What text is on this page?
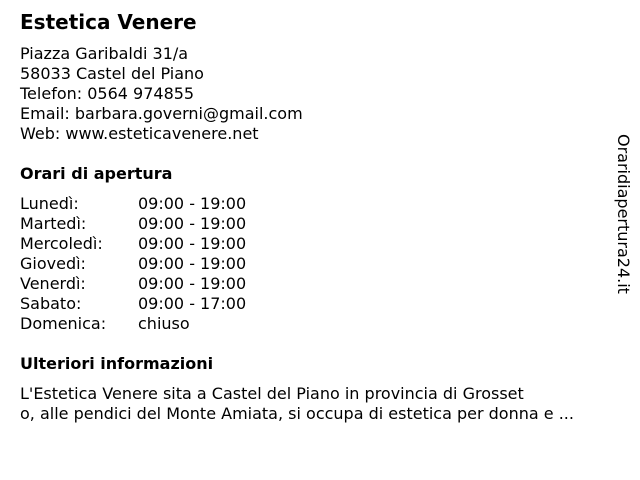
Estetica Venere
Piazza Garibaldi 31/a
58033 Castel del Piano
Telefon: 0564 974855
Email: barbara.governi@gmail.com
Web: www.esteticavenere.net
Orari di apertura
Lunedì:	09:00 - 19:00
Martedì:	09:00 - 19:00
Mercoledì: 09:00 - 19:00
Giovedì:	09:00 - 19:00
Venerdì:	09:00 - 19:00
Sabato:	09:00 - 17:00
Domenica: chiuso
Ulteriori informazioni
L'Estetica Venere sita a Castel del Piano in provincia di Grosset
o, alle pendici del Monte Amiata, si occupa di estetica per donna e ...
Oraridiapertura24.it
